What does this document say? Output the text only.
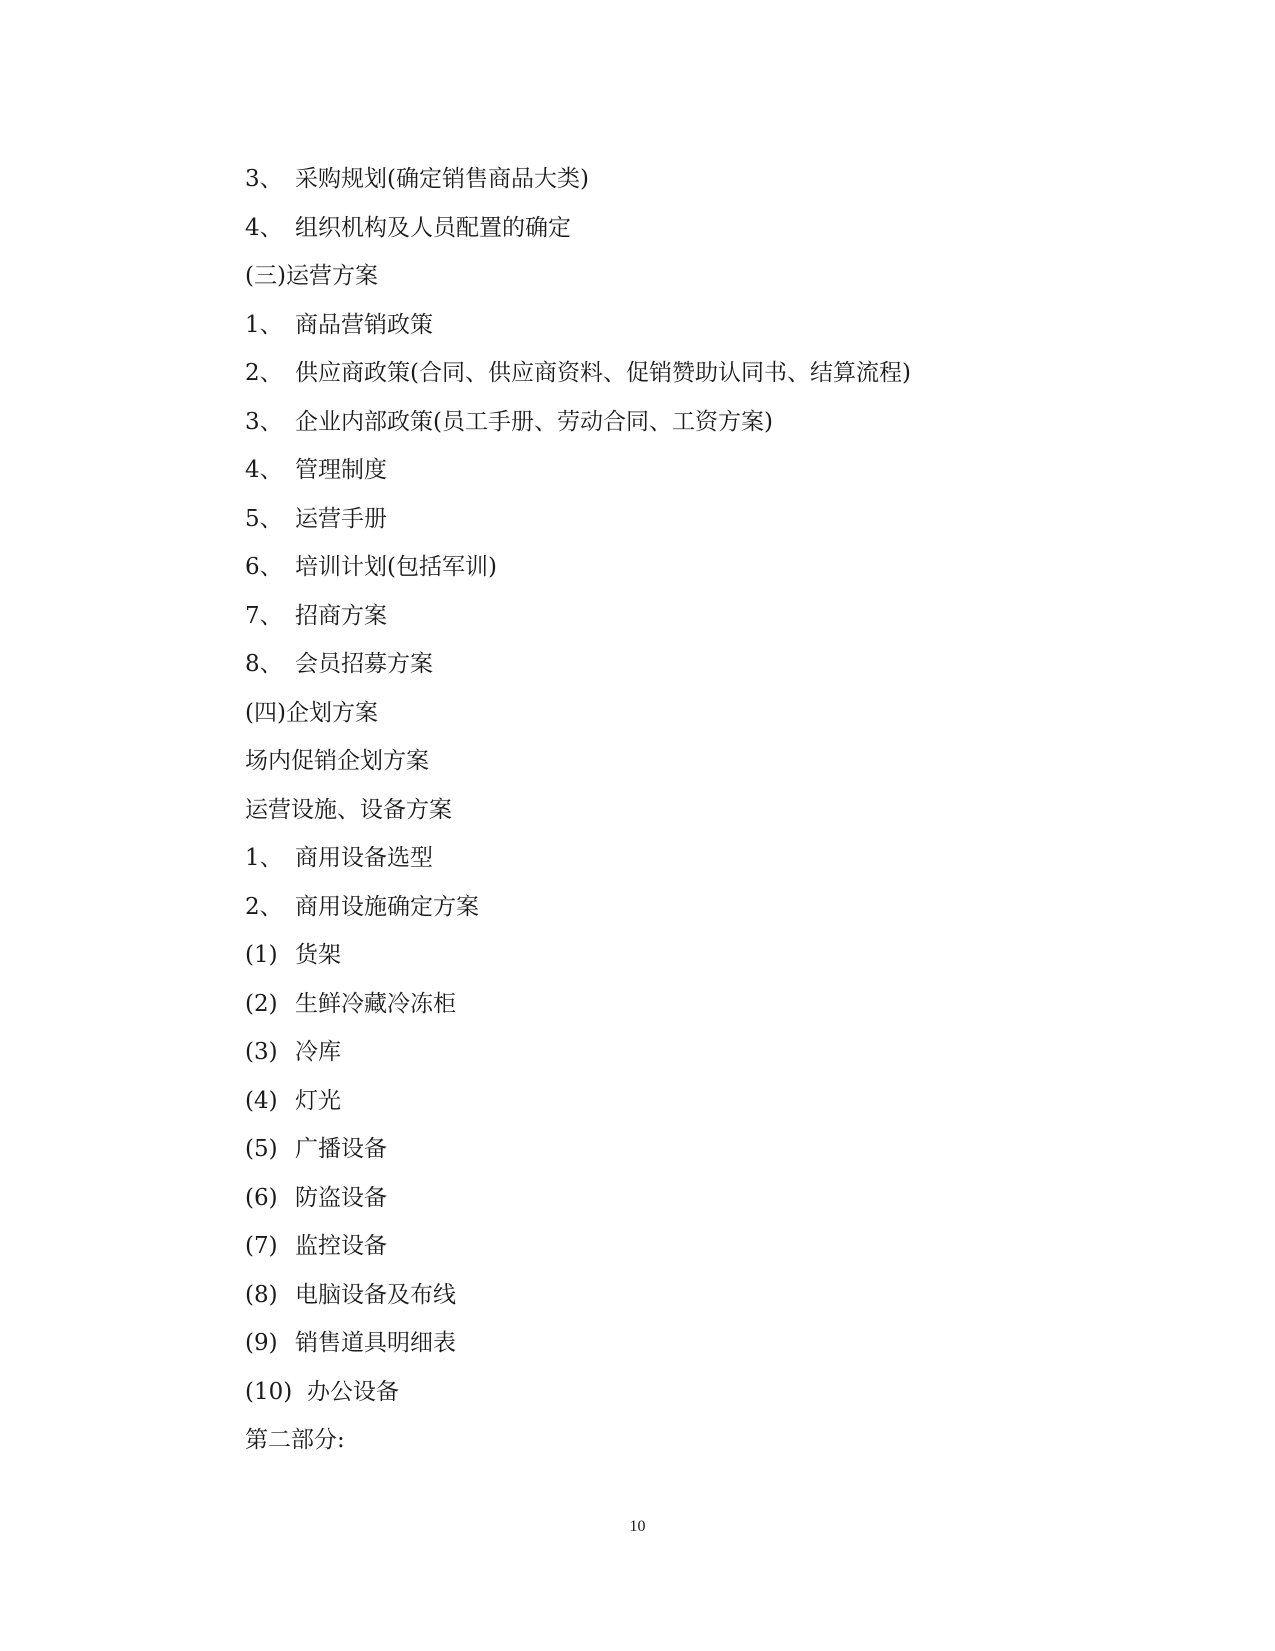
3、 采购规划(确定销售商品大类)
4、 组织机构及人员配置的确定
(三)运营方案
1、 商品营销政策
2、 供应商政策(合同、供应商资料、促销赞助认同书、结算流程)
3、 企业内部政策(员工手册、劳动合同、工资方案)
4、 管理制度
5、 运营手册
6、 培训计划(包括军训)
7、 招商方案
8、 会员招募方案
(四)企划方案
场内促销企划方案
运营设施、设备方案
1、 商用设备选型
2、 商用设施确定方案
(1) 货架
(2) 生鲜冷藏冷冻柜
(3) 冷库
(4) 灯光
(5) 广播设备
(6) 防盗设备
(7) 监控设备
(8) 电脑设备及布线
(9) 销售道具明细表
(10) 办公设备
第二部分:
10
